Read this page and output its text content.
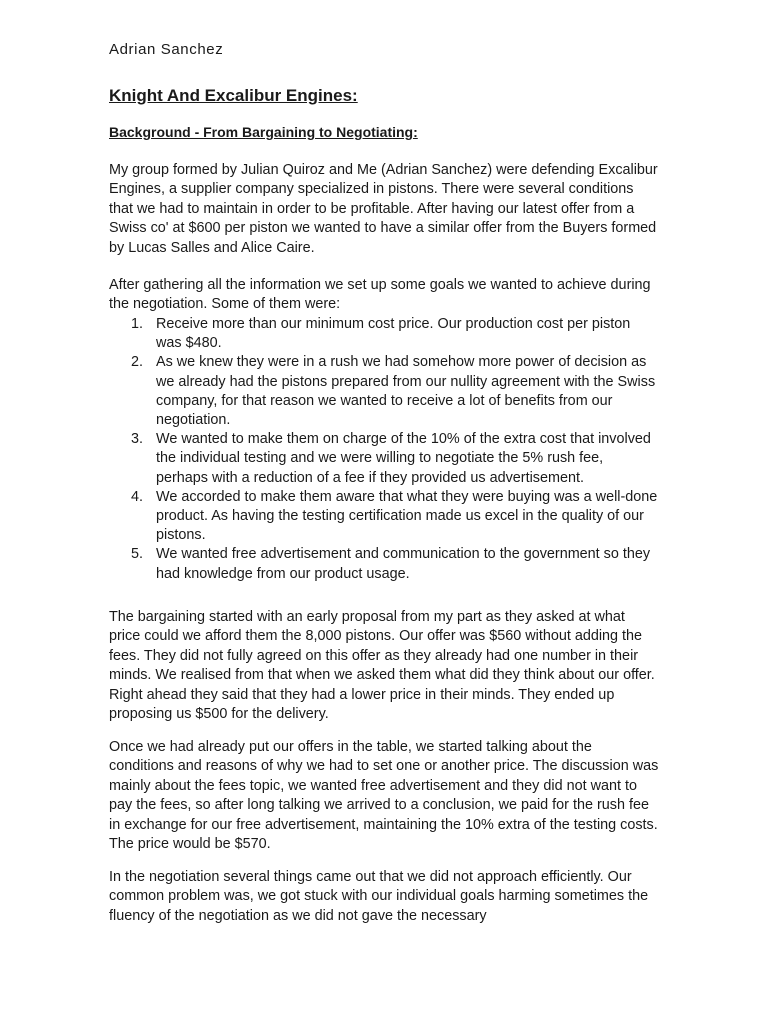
Adrian Sanchez
Knight And Excalibur Engines:
Background - From Bargaining to Negotiating:

My group formed by Julian Quiroz and Me (Adrian Sanchez) were defending Excalibur Engines, a supplier company specialized in pistons. There were several conditions that we had to maintain in order to be profitable. After having our latest offer from a Swiss co' at $600 per piston we wanted to have a similar offer from the Buyers formed by Lucas Salles and Alice Caire.

After gathering all the information we set up some goals we wanted to achieve during the negotiation. Some of them were:

1. Receive more than our minimum cost price. Our production cost per piston was $480.
2. As we knew they were in a rush we had somehow more power of decision as we already had the pistons prepared from our nullity agreement with the Swiss company, for that reason we wanted to receive a lot of benefits from our negotiation.
3. We wanted to make them on charge of the 10% of the extra cost that involved the individual testing and we were willing to negotiate the 5% rush fee, perhaps with a reduction of a fee if they provided us advertisement.
4. We accorded to make them aware that what they were buying was a well-done product. As having the testing certification made us excel in the quality of our pistons.
5. We wanted free advertisement and communication to the government so they had knowledge from our product usage.

The bargaining started with an early proposal from my part as they asked at what price could we afford them the 8,000 pistons. Our offer was $560 without adding the fees. They did not fully agreed on this offer as they already had one number in their minds. We realised from that when we asked them what did they think about our offer. Right ahead they said that they had a lower price in their minds. They ended up proposing us $500 for the delivery.

Once we had already put our offers in the table, we started talking about the conditions and reasons of why we had to set one or another price. The discussion was mainly about the fees topic, we wanted free advertisement and they did not want to pay the fees, so after long talking we arrived to a conclusion, we paid for the rush fee in exchange for our free advertisement, maintaining the 10% extra of the testing costs. The price would be $570.

In the negotiation several things came out that we did not approach efficiently. Our common problem was, we got stuck with our individual goals harming sometimes the fluency of the negotiation as we did not gave the necessary
